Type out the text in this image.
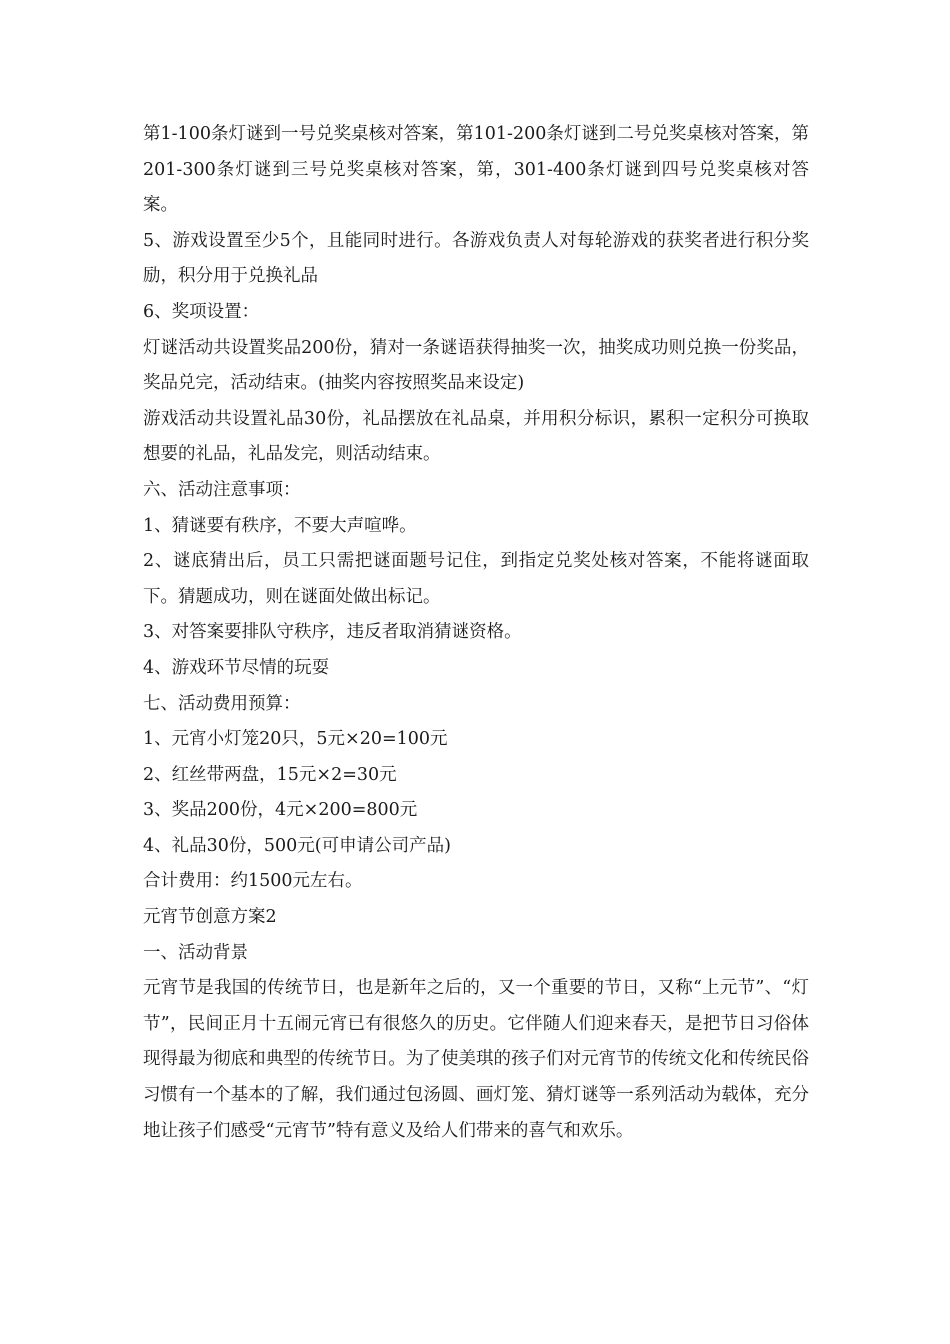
第1-100条灯谜到一号兑奖桌核对答案，第101-200条灯谜到二号兑奖桌核对答案，第201-300条灯谜到三号兑奖桌核对答案，第，301-400条灯谜到四号兑奖桌核对答案。

5、游戏设置至少5个，且能同时进行。各游戏负责人对每轮游戏的获奖者进行积分奖励，积分用于兑换礼品

6、奖项设置：

灯谜活动共设置奖品200份，猜对一条谜语获得抽奖一次，抽奖成功则兑换一份奖品，奖品兑完，活动结束。(抽奖内容按照奖品来设定)

游戏活动共设置礼品30份，礼品摆放在礼品桌，并用积分标识，累积一定积分可换取想要的礼品，礼品发完，则活动结束。

六、活动注意事项：

1、猜谜要有秩序，不要大声喧哗。

2、谜底猜出后，员工只需把谜面题号记住，到指定兑奖处核对答案，不能将谜面取下。猜题成功，则在谜面处做出标记。

3、对答案要排队守秩序，违反者取消猜谜资格。

4、游戏环节尽情的玩耍

七、活动费用预算：

1、元宵小灯笼20只，5元×20=100元

2、红丝带两盘，15元×2=30元

3、奖品200份，4元×200=800元

4、礼品30份，500元(可申请公司产品)

合计费用：约1500元左右。

元宵节创意方案2

一、活动背景

元宵节是我国的传统节日，也是新年之后的，又一个重要的节日，又称“上元节”、“灯节”，民间正月十五闹元宵已有很悠久的历史。它伴随人们迎来春天，是把节日习俗体现得最为彻底和典型的传统节日。为了使美琪的孩子们对元宵节的传统文化和传统民俗习惯有一个基本的了解，我们通过包汤圆、画灯笼、猜灯谜等一系列活动为载体，充分地让孩子们感受“元宵节”特有意义及给人们带来的喜气和欢乐。
